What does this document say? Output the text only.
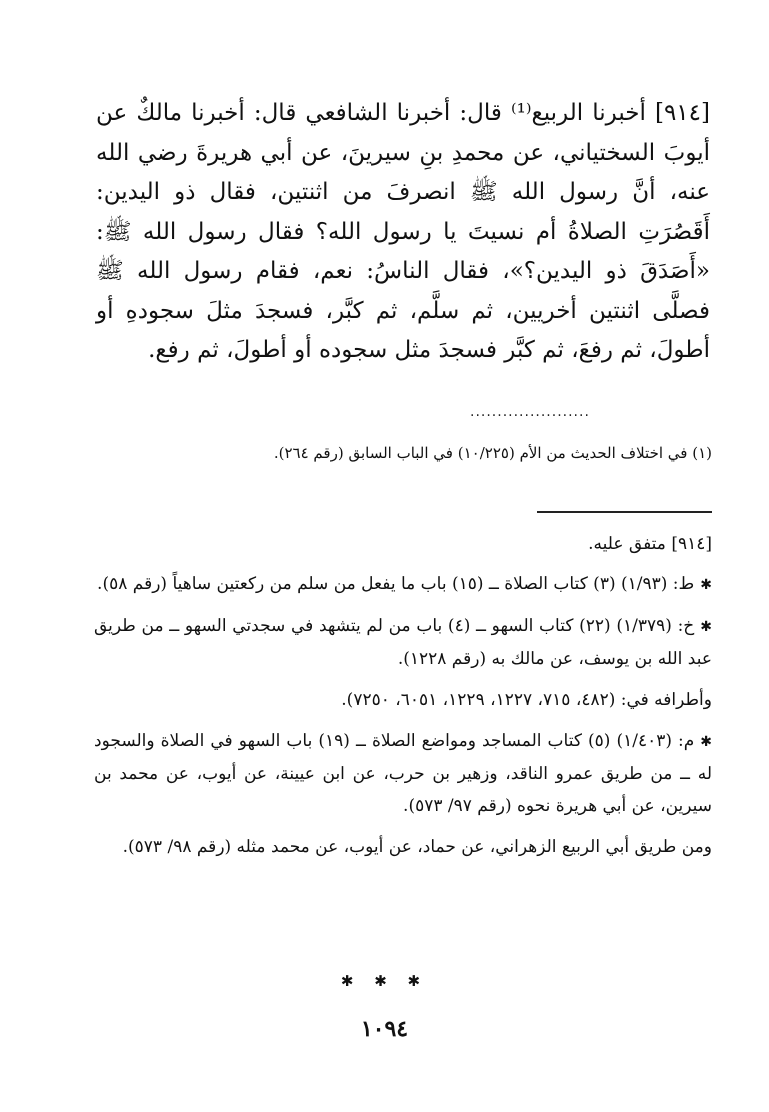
[٩١٤] أخبرنا الربيع⁽¹⁾ قال: أخبرنا الشافعي قال: أخبرنا مالكٌ عن أيوبَ السختياني، عن محمدِ بنِ سيرينَ، عن أبي هريرةَ رضي الله عنه، أنَّ رسول الله ﷺ انصرفَ من اثنتين، فقال ذو اليدين: أَقَصُرَتِ الصلاةُ أم نسيتَ يا رسول الله؟ فقال رسول الله ﷺ: «أَصَدَقَ ذو اليدين؟»، فقال الناسُ: نعم، فقام رسول الله ﷺ فصلَّى اثنتين أخريين، ثم سلَّم، ثم كبَّر، فسجدَ مثلَ سجودهِ أو أطولَ، ثم رفعَ، ثم كبَّر فسجدَ مثل سجوده أو أطولَ، ثم رفع.

......................

(١) في اختلاف الحديث من الأم (١٠/٢٢٥) في الباب السابق (رقم ٢٦٤).

[٩١٤] متفق عليه.

✱ط: (١/٩٣) (٣) كتاب الصلاة ــ (١٥) باب ما يفعل من سلم من ركعتين ساهياً (رقم ٥٨).

✱خ: (١/٣٧٩) (٢٢) كتاب السهو ــ (٤) باب من لم يتشهد في سجدتي السهو ــ من طريق عبد الله بن يوسف، عن مالك به (رقم ١٢٢٨).

وأطرافه في: (٤٨٢، ٧١٥، ١٢٢٧، ١٢٢٩، ٦٠٥١، ٧٢٥٠).

✱م: (١/٤٠٣) (٥) كتاب المساجد ومواضع الصلاة ــ (١٩) باب السهو في الصلاة والسجود له ــ من طريق عمرو الناقد، وزهير بن حرب، عن ابن عيينة، عن أيوب، عن محمد بن سيرين، عن أبي هريرة نحوه (رقم ٩٧/ ٥٧٣).

ومن طريق أبي الربيع الزهراني، عن حماد، عن أيوب، عن محمد مثله (رقم ٩٨/ ٥٧٣).

✱ ✱ ✱
١٠٩٤
